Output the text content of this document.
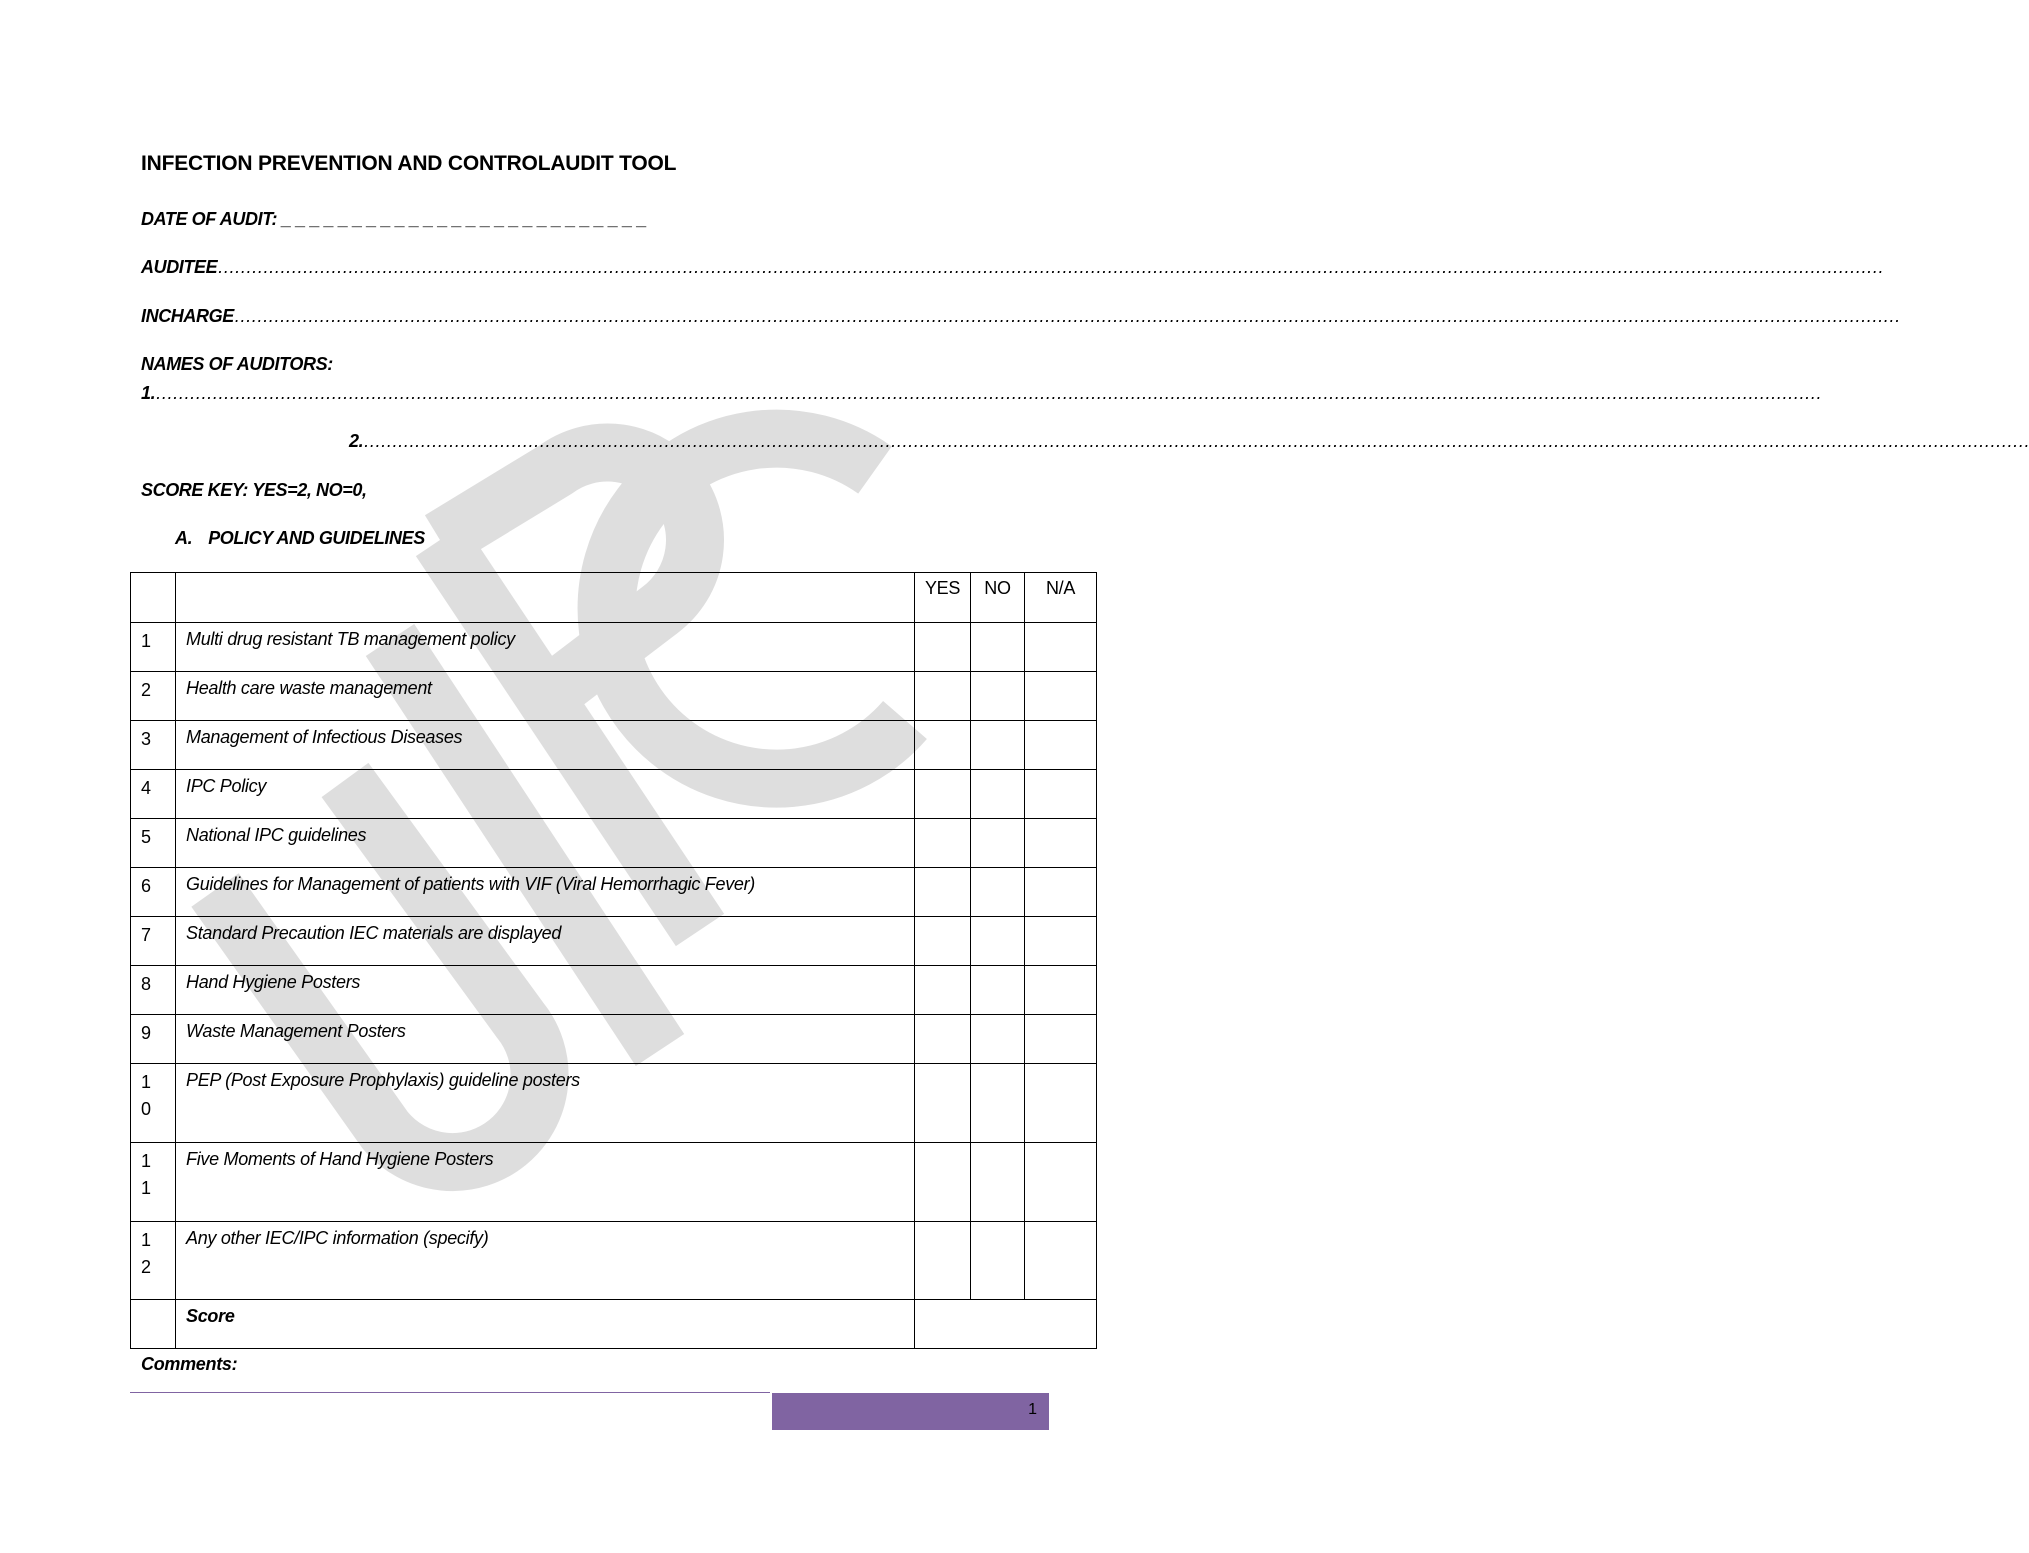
INFECTION PREVENTION AND CONTROLAUDIT TOOL
DATE OF AUDIT: _ _ _ _ _ _ _ _ _ _ _ _ _ _ _ _ _ _ _ _ _ _ _ _ _ _
AUDITEE……………………………………………………………………………………………………………………………………………………………………………………………………………………………………………………………………
INCHARGE……………………………………………………………………………………………………………………………………………………………………………………………………………………………………………………………………
NAMES OF AUDITORS:
1.……………………………………………………………………………………………………………………………………………………………………………………………………………………………………………………………………
2.……………………………………………………………………………………………………………………………………………………………………………………………………………………………………………………………………
SCORE KEY: YES=2, NO=0,
A. POLICY AND GUIDELINES
		YES	NO	N/A
1	Multi drug resistant TB management policy			
2	Health care waste management			
3	Management of Infectious Diseases			
4	IPC Policy			
5	National IPC guidelines			
6	Guidelines for Management of patients with VIF (Viral Hemorrhagic Fever)			
7	Standard Precaution IEC materials are displayed			
8	Hand Hygiene Posters			
9	Waste Management Posters			
1 0	PEP (Post Exposure Prophylaxis) guideline posters			
1 1	Five Moments of Hand Hygiene Posters			
1 2	Any other IEC/IPC information (specify)			
	Score			
Comments:
1
